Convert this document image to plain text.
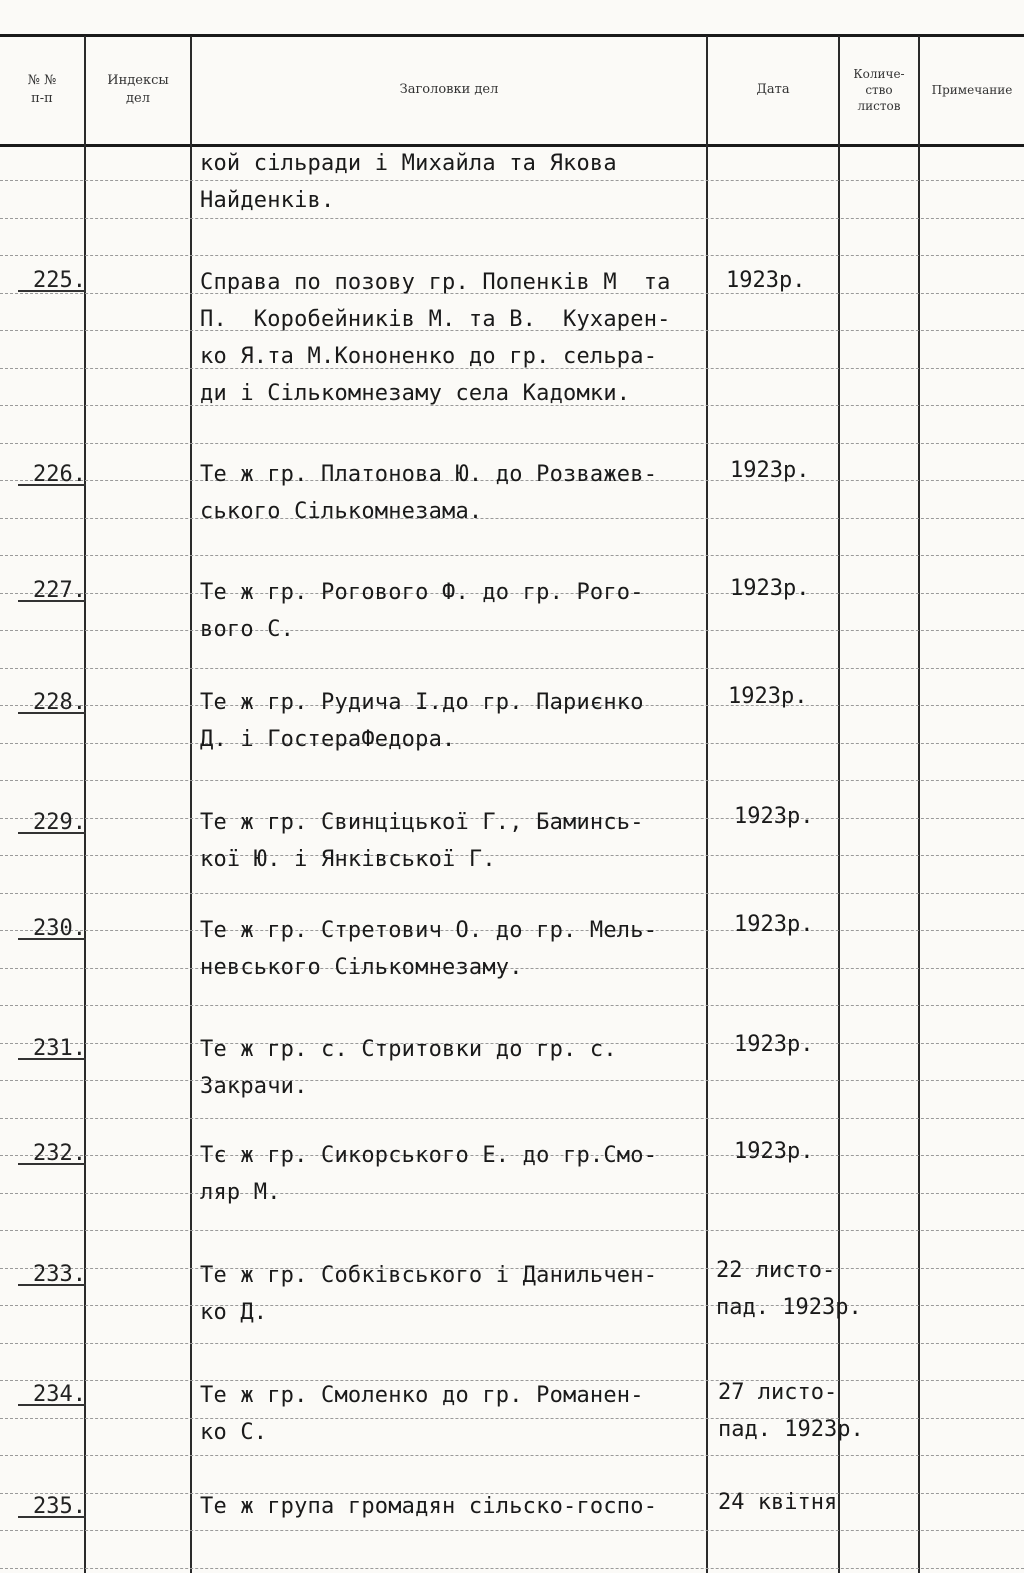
№ №
п-п
Индексы
дел
Заголовки дел	Дата
Количе-
ство
листов
Примечание
225.
226.
227.
228.
229.
230.
231.
232.
233.
234.
235.
кой сільради і Михайла та Якова
Найденків.
Справа по позову гр. Попенків М  та
П.  Коробейників М. та В.  Кухарен-
ко Я.та М.Кононенко до гр. сельра-
ди і Сількомнезаму села Кадомки.
Те ж гр. Платонова Ю. до Розважев-
ського Сількомнезама.
Те ж гр. Рогового Ф. до гр. Рого-
вого С.
Те ж гр. Рудича І.до гр. Париєнко
Д. і ГостераФедора.
Те ж гр. Свинціцької Г., Баминсь-
кої Ю. і Янківської Г.
Те ж гр. Стретович О. до гр. Мель-
невського Сількомнезаму.
Те ж гр. с. Стритовки до гр. с.
Закрачи.
Тє ж гр. Сикорського Е. до гр.Смо-
ляр М.
Те ж гр. Собківського і Данильчен-
ко Д.
Те ж гр. Смоленко до гр. Романен-
ко С.
Те ж група громадян сільско-госпо-
1923р.
1923р.
1923р.
1923р.
1923р.
1923р.
1923р.
1923р.
22 листо-
пад. 1923р.
27 листо-
пад. 1923р.
24 квітня
